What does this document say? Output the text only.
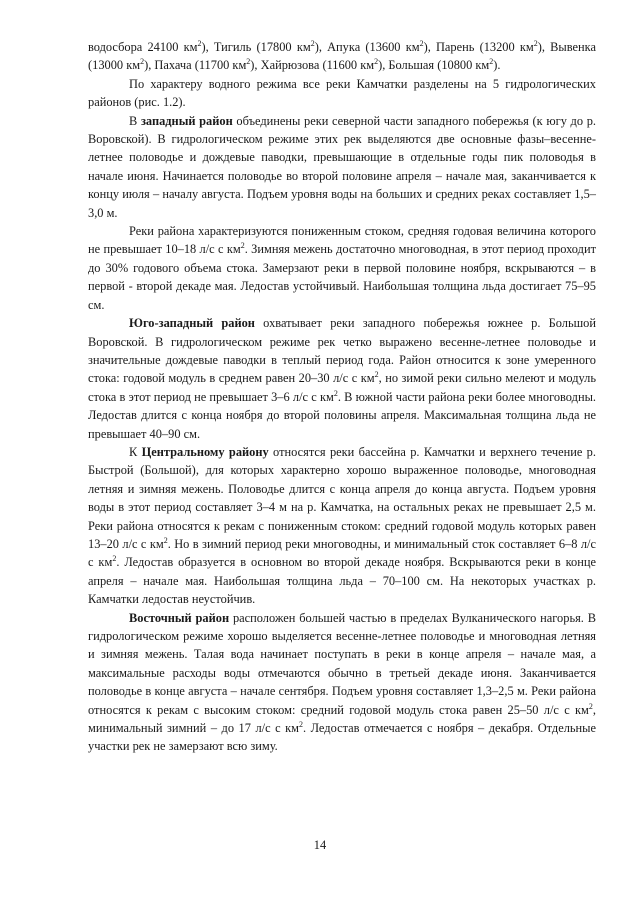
водосбора 24100 $км^2$), Тигиль (17800 $км^2$), Апука (13600 $км^2$), Парень (13200 $км^2$), Вывенка (13000 $км^2$), Пахача (11700 $км^2$), Хайрюзова (11600 $км^2$), Большая (10800 $км^2$).

По характеру водного режима все реки Камчатки разделены на 5 гидрологических районов (рис. 1.2).

В западный район объединены реки северной части западного побережья (к югу до р. Воровской). В гидрологическом режиме этих рек выделяются две основные фазы–весенне-летнее половодье и дождевые паводки, превышающие в отдельные годы пик половодья в начале июня. Начинается половодье во второй половине апреля – начале мая, заканчивается к концу июля – началу августа. Подъем уровня воды на больших и средних реках составляет 1,5–3,0 м.

Реки района характеризуются пониженным стоком, средняя годовая величина которого не превышает 10–18 л/с с $км^2$. Зимняя межень достаточно многоводная, в этот период проходит до 30% годового объема стока. Замерзают реки в первой половине ноября, вскрываются – в первой - второй декаде мая. Ледостав устойчивый. Наибольшая толщина льда достигает 75–95 см.

Юго-западный район охватывает реки западного побережья южнее р. Большой Воровской. В гидрологическом режиме рек четко выражено весенне-летнее половодье и значительные дождевые паводки в теплый период года. Район относится к зоне умеренного стока: годовой модуль в среднем равен 20–30 л/с с $км^2$, но зимой реки сильно мелеют и модуль стока в этот период не превышает 3–6 л/с с $км^2$. В южной части района реки более многоводны. Ледостав длится с конца ноября до второй половины апреля. Максимальная толщина льда не превышает 40–90 см.

К Центральному району относятся реки бассейна р. Камчатки и верхнего течение р. Быстрой (Большой), для которых характерно хорошо выраженное половодье, многоводная летняя и зимняя межень. Половодье длится с конца апреля до конца августа. Подъем уровня воды в этот период составляет 3–4 м на р. Камчатка, на остальных реках не превышает 2,5 м. Реки района относятся к рекам с пониженным стоком: средний годовой модуль которых равен 13–20 л/с с $км^2$. Но в зимний период реки многоводны, и минимальный сток составляет 6–8 л/с с $км^2$. Ледостав образуется в основном во второй декаде ноября. Вскрываются реки в конце апреля – начале мая. Наибольшая толщина льда – 70–100 см. На некоторых участках р. Камчатки ледостав неустойчив.

Восточный район расположен большей частью в пределах Вулканического нагорья. В гидрологическом режиме хорошо выделяется весенне-летнее половодье и многоводная летняя и зимняя межень. Талая вода начинает поступать в реки в конце апреля – начале мая, а максимальные расходы воды отмечаются обычно в третьей декаде июня. Заканчивается половодье в конце августа – начале сентября. Подъем уровня составляет 1,3–2,5 м. Реки района относятся к рекам с высоким стоком: средний годовой модуль стока равен 25–50 л/с с $км^2$, минимальный зимний – до 17 л/с с $км^2$. Ледостав отмечается с ноября – декабря. Отдельные участки рек не замерзают всю зиму.

14
